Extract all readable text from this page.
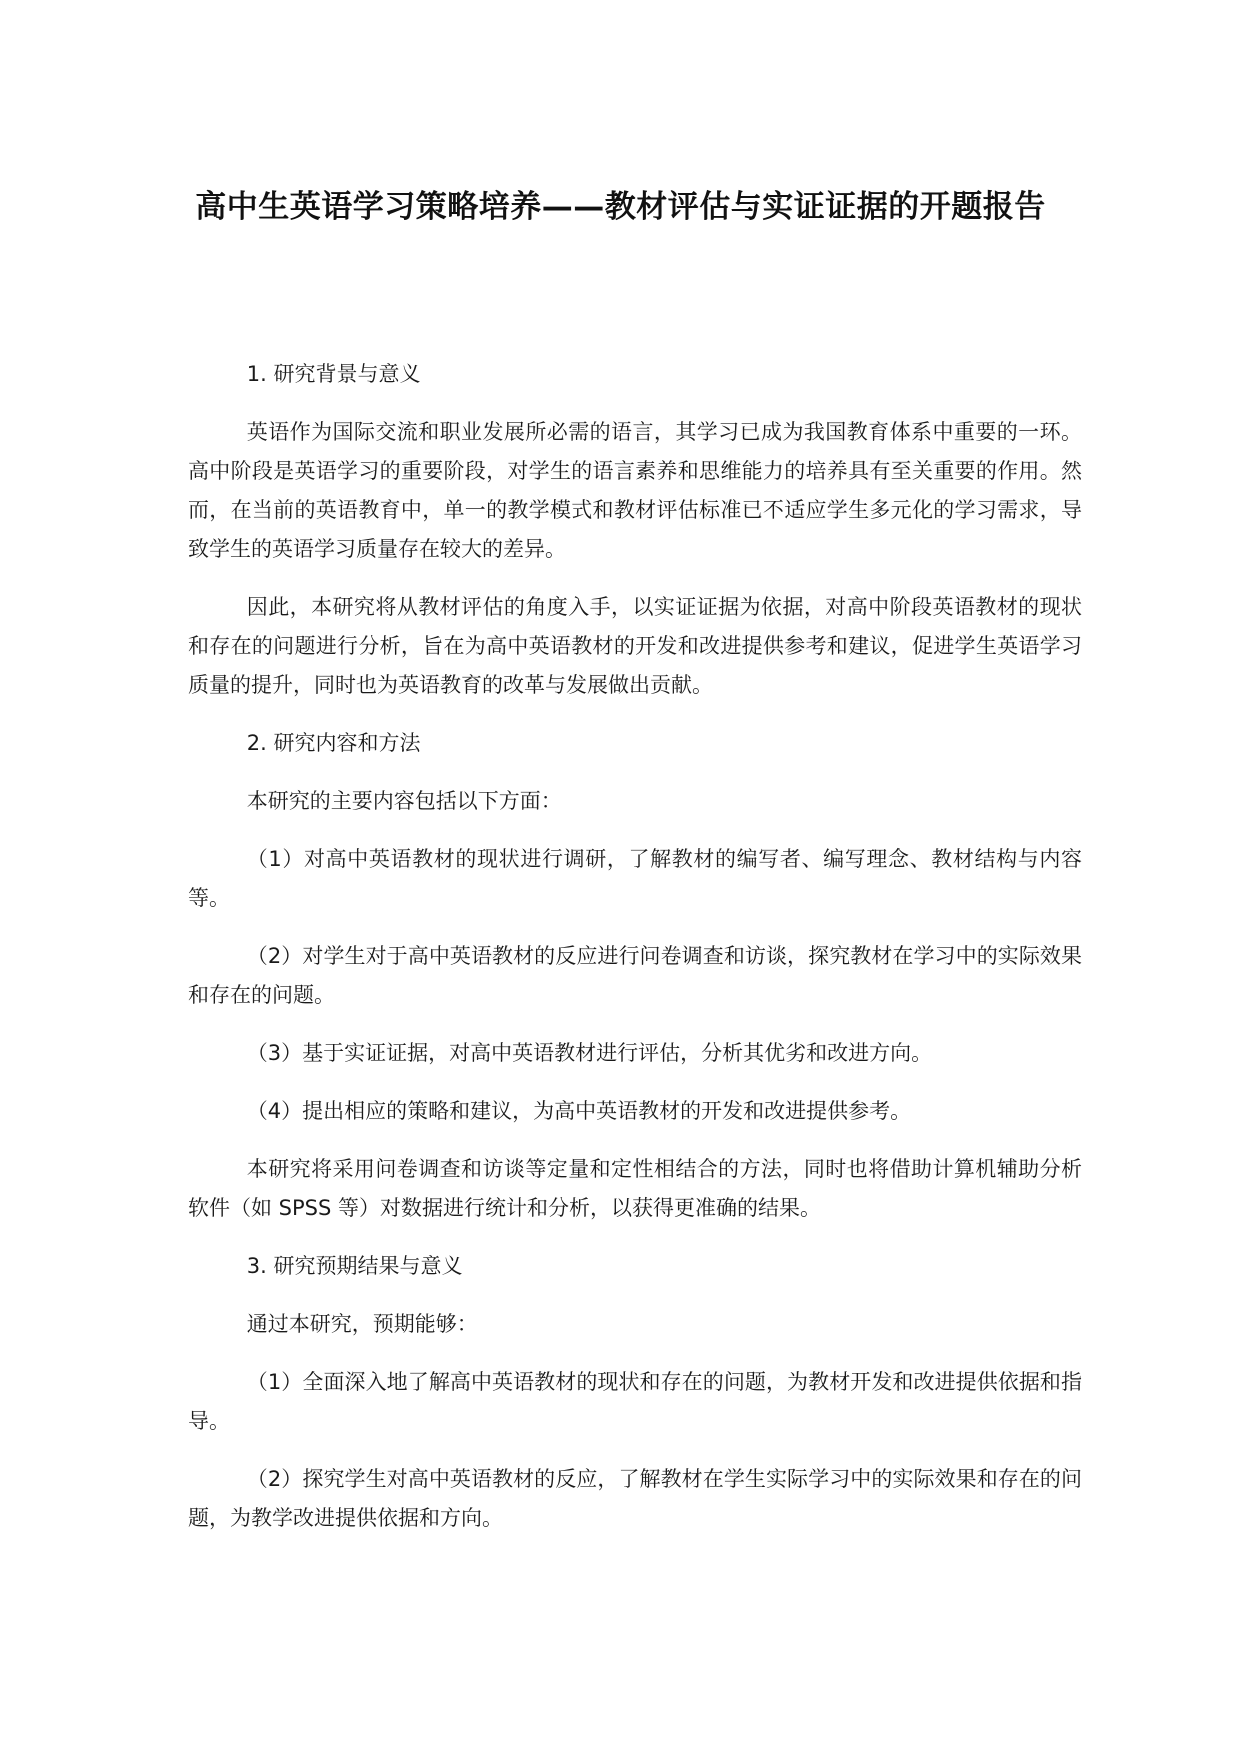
高中生英语学习策略培养——教材评估与实证证据的开题报告

1. 研究背景与意义

英语作为国际交流和职业发展所必需的语言，其学习已成为我国教育体系中重要的一环。高中阶段是英语学习的重要阶段，对学生的语言素养和思维能力的培养具有至关重要的作用。然而，在当前的英语教育中，单一的教学模式和教材评估标准已不适应学生多元化的学习需求，导致学生的英语学习质量存在较大的差异。

因此，本研究将从教材评估的角度入手，以实证证据为依据，对高中阶段英语教材的现状和存在的问题进行分析，旨在为高中英语教材的开发和改进提供参考和建议，促进学生英语学习质量的提升，同时也为英语教育的改革与发展做出贡献。

2. 研究内容和方法

本研究的主要内容包括以下方面：

（1）对高中英语教材的现状进行调研，了解教材的编写者、编写理念、教材结构与内容等。

（2）对学生对于高中英语教材的反应进行问卷调查和访谈，探究教材在学习中的实际效果和存在的问题。

（3）基于实证证据，对高中英语教材进行评估，分析其优劣和改进方向。

（4）提出相应的策略和建议，为高中英语教材的开发和改进提供参考。

本研究将采用问卷调查和访谈等定量和定性相结合的方法，同时也将借助计算机辅助分析软件（如 SPSS 等）对数据进行统计和分析，以获得更准确的结果。

3. 研究预期结果与意义

通过本研究，预期能够：

（1）全面深入地了解高中英语教材的现状和存在的问题，为教材开发和改进提供依据和指导。

（2）探究学生对高中英语教材的反应，了解教材在学生实际学习中的实际效果和存在的问题，为教学改进提供依据和方向。
